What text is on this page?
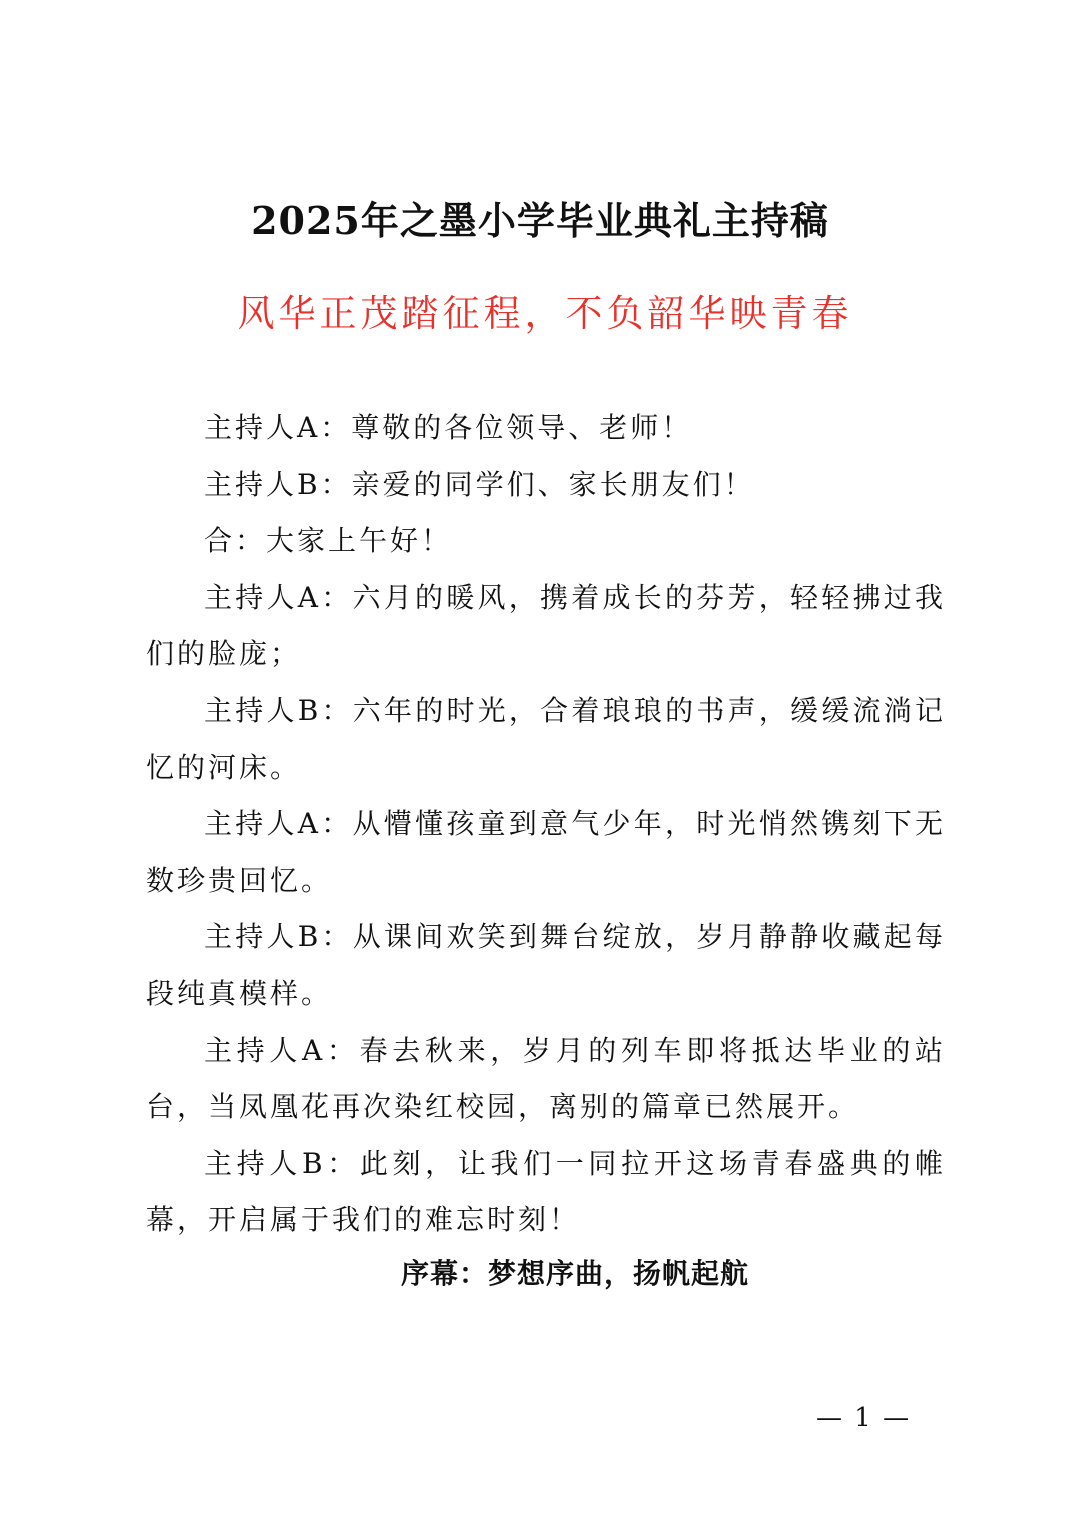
2025年之墨小学毕业典礼主持稿
风华正茂踏征程，不负韶华映青春

主持人A：尊敬的各位领导、老师！

主持人B：亲爱的同学们、家长朋友们！

合：大家上午好！

主持人A：六月的暖风，携着成长的芬芳，轻轻拂过我们的脸庞；

主持人B：六年的时光，合着琅琅的书声，缓缓流淌记忆的河床。

主持人A：从懵懂孩童到意气少年，时光悄然镌刻下无数珍贵回忆。

主持人B：从课间欢笑到舞台绽放，岁月静静收藏起每段纯真模样。

主持人A：春去秋来，岁月的列车即将抵达毕业的站台，当凤凰花再次染红校园，离别的篇章已然展开。

主持人B：此刻，让我们一同拉开这场青春盛典的帷幕，开启属于我们的难忘时刻！

序幕：梦想序曲，扬帆起航
— 1 —
